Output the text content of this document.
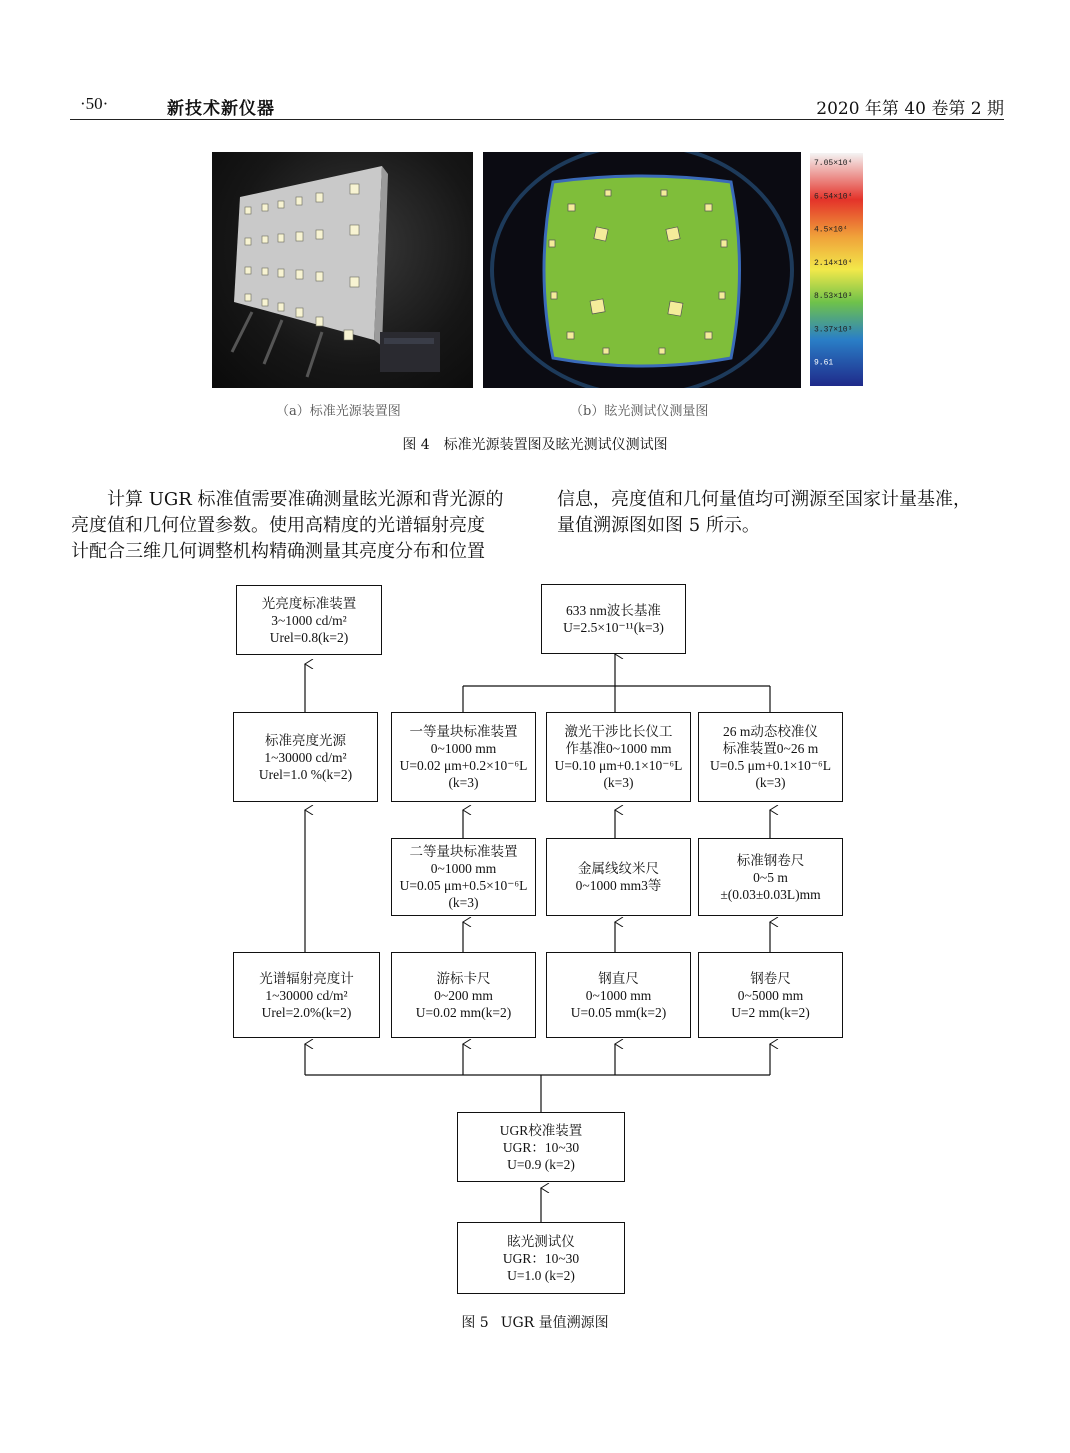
·50·	新技术新仪器	2020 年第 40 卷第 2 期
7.05×10⁴
6.54×10⁴
4.5×10⁴
2.14×10⁴
8.53×10³
3.37×10³
9.61
（a）标准光源装置图	（b）眩光测试仪测量图
图 4 标准光源装置图及眩光测试仪测试图
计算 UGR 标准值需要准确测量眩光源和背光源的
亮度值和几何位置参数。使用高精度的光谱辐射亮度
计配合三维几何调整机构精确测量其亮度分布和位置
信息，亮度值和几何量值均可溯源至国家计量基准，
量值溯源图如图 5 所示。
光亮度标准装置
3~1000 cd/m²
Urel=0.8(k=2)
633 nm波长基准
U=2.5×10⁻¹¹(k=3)
标准亮度光源
1~30000 cd/m²
Urel=1.0 %(k=2)
一等量块标准装置
0~1000 mm
U=0.02 μm+0.2×10⁻⁶L
(k=3)
激光干涉比长仪工
作基准0~1000 mm
U=0.10 μm+0.1×10⁻⁶L
(k=3)
26 m动态校准仪
标准装置0~26 m
U=0.5 μm+0.1×10⁻⁶L
(k=3)
二等量块标准装置
0~1000 mm
U=0.05 μm+0.5×10⁻⁶L
(k=3)
金属线纹米尺
0~1000 mm3等
标准钢卷尺
0~5 m
±(0.03±0.03L)mm
光谱辐射亮度计
1~30000 cd/m²
Urel=2.0%(k=2)
游标卡尺
0~200 mm
U=0.02 mm(k=2)
钢直尺
0~1000 mm
U=0.05 mm(k=2)
钢卷尺
0~5000 mm
U=2 mm(k=2)
UGR校准装置
UGR：10~30
U=0.9 (k=2)
眩光测试仪
UGR：10~30
U=1.0 (k=2)
图 5 UGR 量值溯源图
